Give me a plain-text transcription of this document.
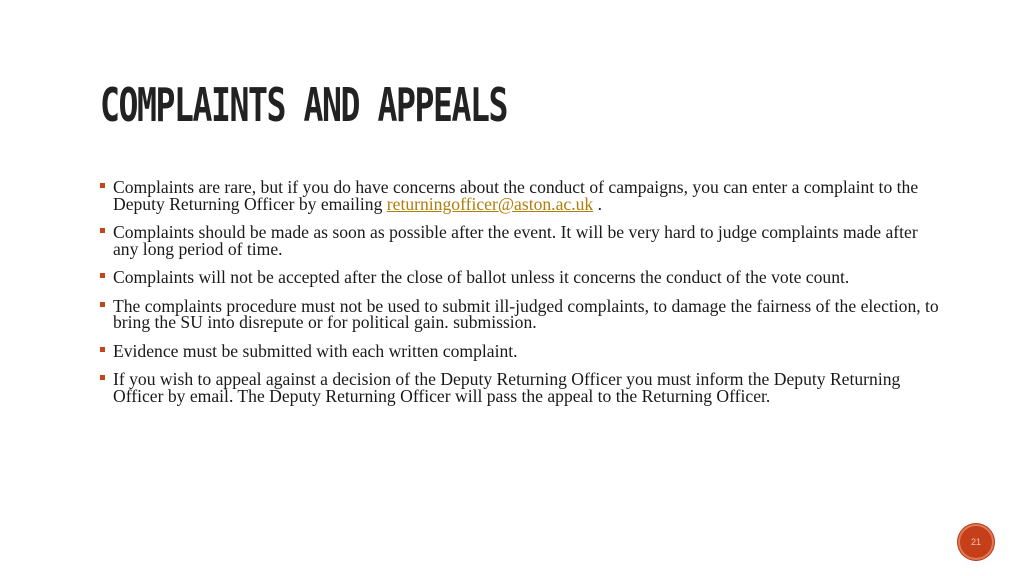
COMPLAINTS AND APPEALS
Complaints are rare, but if you do have concerns about the conduct of campaigns, you can enter a complaint to the Deputy Returning Officer by emailing returningofficer@aston.ac.uk .
Complaints should be made as soon as possible after the event. It will be very hard to judge complaints made after any long period of time.
Complaints will not be accepted after the close of ballot unless it concerns the conduct of the vote count.
The complaints procedure must not be used to submit ill-judged complaints, to damage the fairness of the election, to bring the SU into disrepute or for political gain. submission.
Evidence must be submitted with each written complaint.
If you wish to appeal against a decision of the Deputy Returning Officer you must inform the Deputy Returning Officer by email. The Deputy Returning Officer will pass the appeal to the Returning Officer.
21
